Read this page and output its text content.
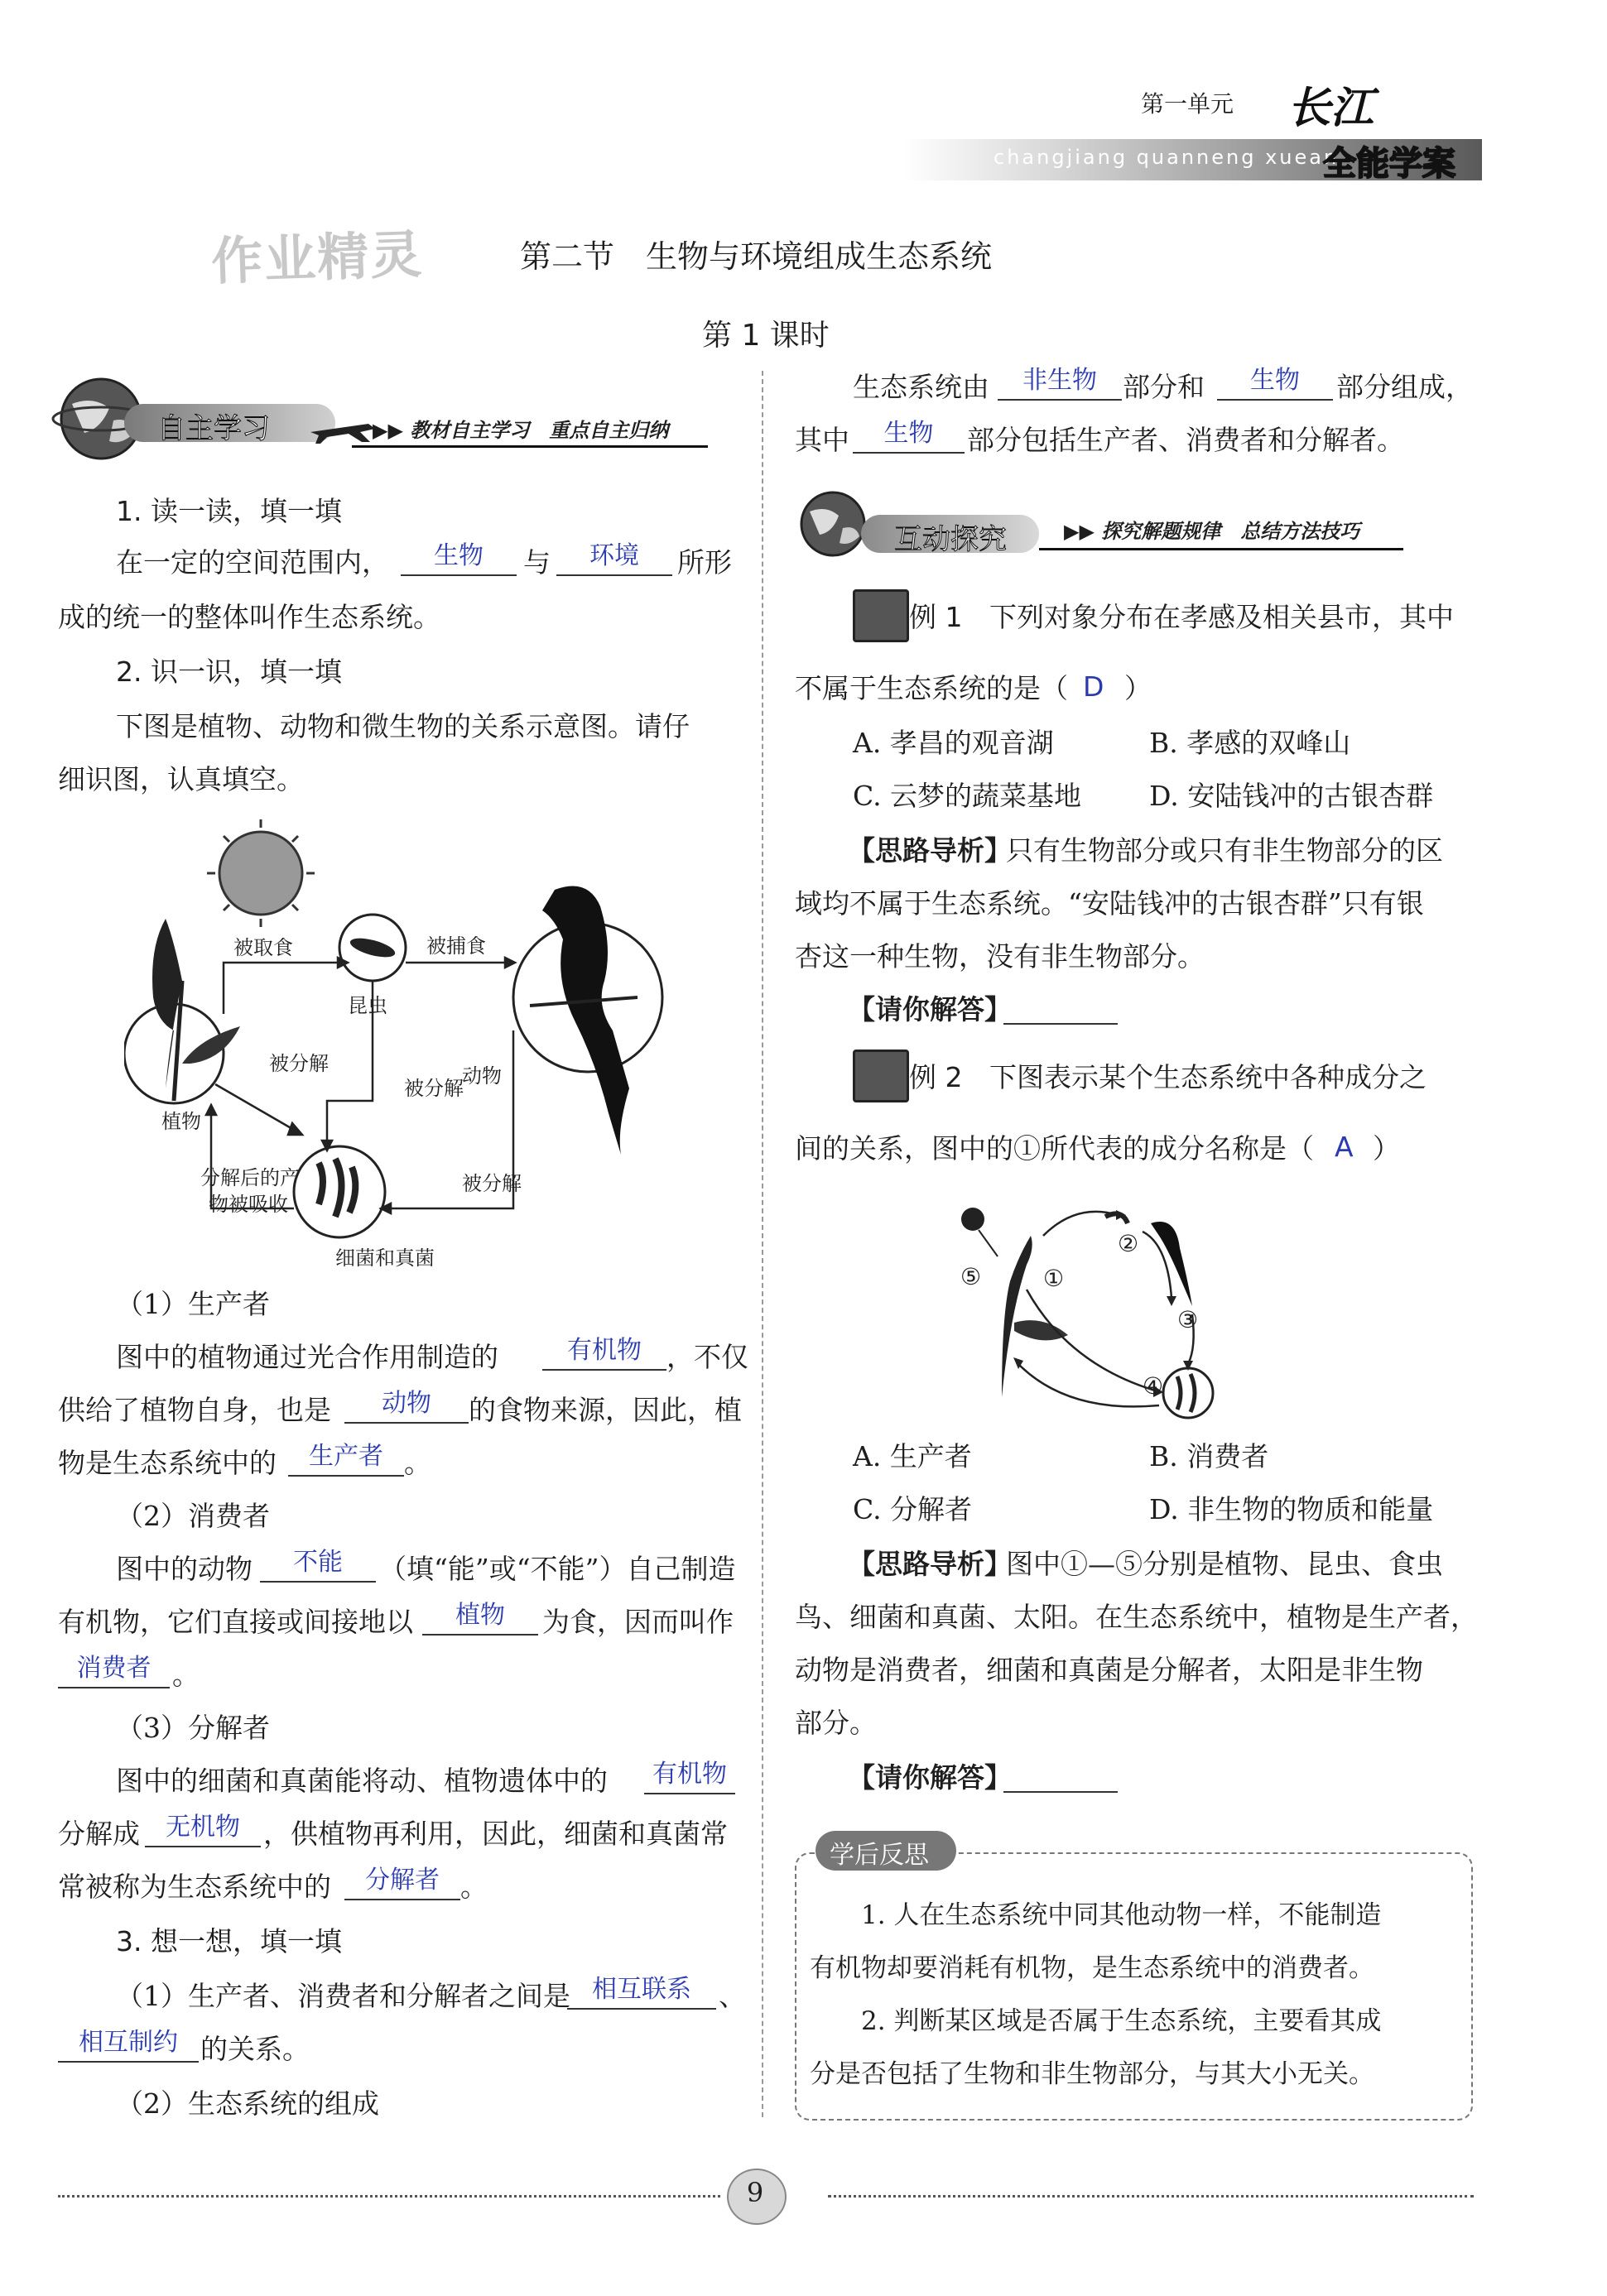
第一单元
changjiang quanneng xuean
长江
全能学案
作业精灵	第二节　生物与环境组成生态系统
第 1 课时
自主学习	▶▶ 教材自主学习　重点自主归纳
1. 读一读，填一填
在一定的空间范围内，	生物	与	环境	所形
成的统一的整体叫作生态系统。
2. 识一识，填一填
下图是植物、动物和微生物的关系示意图。请仔
细识图，认真填空。
被取食
昆虫
被捕食
被分解
被分解
动物
植物
分解后的产
物被吸收
被分解
细菌和真菌
（1）生产者
图中的植物通过光合作用制造的	有机物 ，不仅
供给了植物自身，也是	动物	的食物来源，因此，植
物是生态系统中的	生产者 。
（2）消费者
图中的动物	不能	（填“能”或“不能”）自己制造
有机物，它们直接或间接地以	植物	为食，因而叫作
消费者 。
（3）分解者
图中的细菌和真菌能将动、植物遗体中的	有机物
分解成	无机物 ，供植物再利用，因此，细菌和真菌常
常被称为生态系统中的	分解者 。
3. 想一想，填一填
（1）生产者、消费者和分解者之间是 相互联系	、
相互制约 的关系。
（2）生态系统的组成
生态系统由	非生物 部分和	生物	部分组成，
其中	生物	部分包括生产者、消费者和分解者。
互动探究	▶▶ 探究解题规律　总结方法技巧
例 1 下列对象分布在孝感及相关县市，其中
不属于生态系统的是（ D ）
A. 孝昌的观音湖	B. 孝感的双峰山
C. 云梦的蔬菜基地 D. 安陆钱冲的古银杏群
【思路导析】
只有生物部分或只有非生物部分的区
域均不属于生态系统。“安陆钱冲的古银杏群”只有银
杏这一种生物，没有非生物部分。
【请你解答】
例 2 下图表示某个生态系统中各种成分之
间的关系，图中的①所代表的成分名称是（ A ）
①
②
③
④
⑤
A. 生产者	B. 消费者
C. 分解者	D. 非生物的物质和能量
【思路导析】
图中①—⑤分别是植物、昆虫、食虫
鸟、细菌和真菌、太阳。在生态系统中，植物是生产者，
动物是消费者，细菌和真菌是分解者，太阳是非生物
部分。
【请你解答】
学后反思
1. 人在生态系统中同其他动物一样，不能制造
有机物却要消耗有机物，是生态系统中的消费者。
2. 判断某区域是否属于生态系统，主要看其成
分是否包括了生物和非生物部分，与其大小无关。
9
